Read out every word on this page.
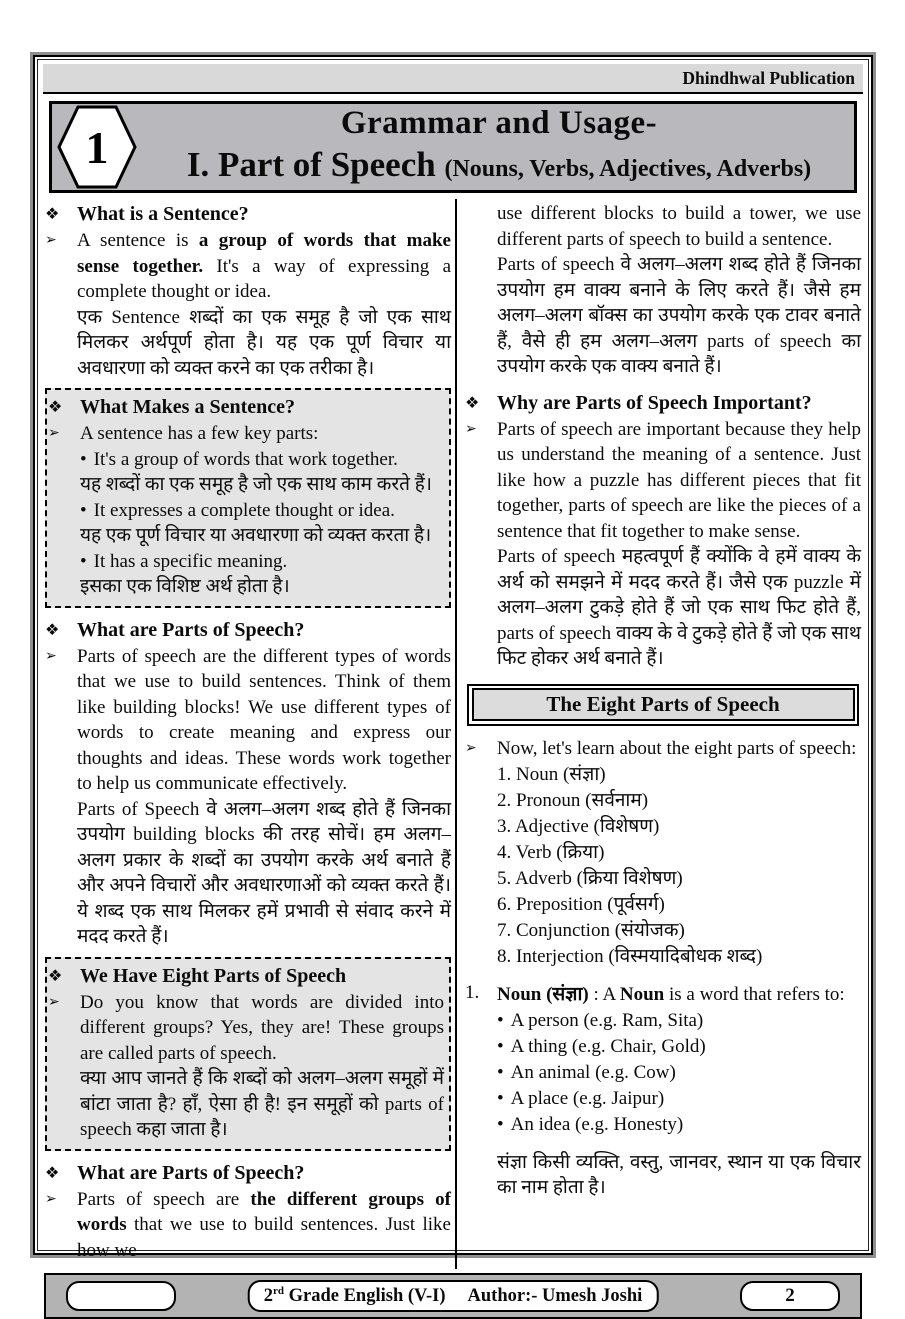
Dhindhwal Publication
1	Grammar and Usage-
I. Part of Speech (Nouns, Verbs, Adjectives, Adverbs)
❖ What is a Sentence?
➢	A sentence is a group of words that make sense together. It's a way of expressing a complete thought or idea.
एक Sentence शब्दों का एक समूह है जो एक साथ मिलकर अर्थपूर्ण होता है। यह एक पूर्ण विचार या अवधारणा को व्यक्त करने का एक तरीका है।
❖ What Makes a Sentence?
➢	A sentence has a few key parts:
• It's a group of words that work together.
यह शब्दों का एक समूह है जो एक साथ काम करते हैं।
• It expresses a complete thought or idea.
यह एक पूर्ण विचार या अवधारणा को व्यक्त करता है।
• It has a specific meaning.
इसका एक विशिष्ट अर्थ होता है।
❖ What are Parts of Speech?
➢	Parts of speech are the different types of words that we use to build sentences. Think of them like building blocks! We use different types of words to create meaning and express our thoughts and ideas. These words work together to help us communicate effectively.
Parts of Speech वे अलग–अलग शब्द होते हैं जिनका उपयोग building blocks की तरह सोचें। हम अलग–अलग प्रकार के शब्दों का उपयोग करके अर्थ बनाते हैं और अपने विचारों और अवधारणाओं को व्यक्त करते हैं। ये शब्द एक साथ मिलकर हमें प्रभावी से संवाद करने में मदद करते हैं।
❖ We Have Eight Parts of Speech
➢	Do you know that words are divided into different groups? Yes, they are! These groups are called parts of speech.
क्या आप जानते हैं कि शब्दों को अलग–अलग समूहों में बांटा जाता है? हाँ, ऐसा ही है! इन समूहों को parts of speech कहा जाता है।
❖ What are Parts of Speech?
➢	Parts of speech are the different groups of words that we use to build sentences. Just like how we
use different blocks to build a tower, we use different parts of speech to build a sentence.
Parts of speech वे अलग–अलग शब्द होते हैं जिनका उपयोग हम वाक्य बनाने के लिए करते हैं। जैसे हम अलग–अलग बॉक्स का उपयोग करके एक टावर बनाते हैं, वैसे ही हम अलग–अलग parts of speech का उपयोग करके एक वाक्य बनाते हैं।
❖ Why are Parts of Speech Important?
➢	Parts of speech are important because they help us understand the meaning of a sentence. Just like how a puzzle has different pieces that fit together, parts of speech are like the pieces of a sentence that fit together to make sense.
Parts of speech महत्वपूर्ण हैं क्योंकि वे हमें वाक्य के अर्थ को समझने में मदद करते हैं। जैसे एक puzzle में अलग–अलग टुकड़े होते हैं जो एक साथ फिट होते हैं, parts of speech वाक्य के वे टुकड़े होते हैं जो एक साथ फिट होकर अर्थ बनाते हैं।
The Eight Parts of Speech
➢	Now, let's learn about the eight parts of speech:
1. Noun (संज्ञा)
2. Pronoun (सर्वनाम)
3. Adjective (विशेषण)
4. Verb (क्रिया)
5. Adverb (क्रिया विशेषण)
6. Preposition (पूर्वसर्ग)
7. Conjunction (संयोजक)
8. Interjection (विस्मयादिबोधक शब्द)
1. Noun (संज्ञा) : A Noun is a word that refers to:
• A person (e.g. Ram, Sita)
• A thing (e.g. Chair, Gold)
• An animal (e.g. Cow)
• A place (e.g. Jaipur)
• An idea (e.g. Honesty)
संज्ञा किसी व्यक्ति, वस्तु, जानवर, स्थान या एक विचार का नाम होता है।
2rd Grade English (V-I) Author:- Umesh Joshi	2
